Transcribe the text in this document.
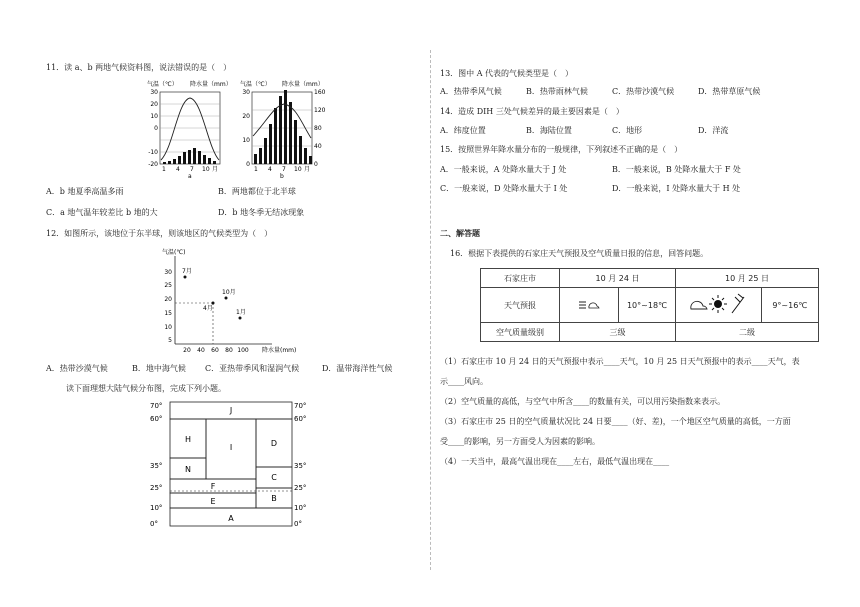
11．读 a、b 两地气候资料图，说法错误的是（　）
气温（℃） 降水量（mm）
30
20
10
0
-10
-20
1 4 7 10 月
a
气温（℃） 降水量（mm）
30
20
10
0
160
120
80
40
0
1 4 7 10 月
b
A．b 地夏季高温多雨	B．两地都位于北半球
C．a 地气温年较差比 b 地的大	D．b 地冬季无结冰现象
12．如图所示，该地位于东半球，则该地区的气候类型为（　）
气温(℃)
30
25
20
15
10
5
20 40 60 80 100 降水量(mm)
7月
10月
4月
1月
A．热带沙漠气候	B．地中海气候 C．亚热带季风和湿润气候	D．温带海洋性气候
读下面理想大陆气候分布图，完成下列小题。
70°
60°
35°
25°
10°
0°
70°
60°
35°
25°
10°
0°
J
H
I	D
N
C
F
B
E
A
13．图中 A 代表的气候类型是（　）
A．热带季风气候	B．热带雨林气候	C．热带沙漠气候	D．热带草原气候
14．造成 DIH 三处气候差异的最主要因素是（　）
A．纬度位置	B．海陆位置	C．地形	D．洋流
15．按照世界年降水量分布的一般规律，下列叙述不正确的是（　）
A．一般来说，A 处降水量大于 J 处	B．一般来说，B 处降水量大于 F 处
C．一般来说，D 处降水量大于 I 处	D．一般来说，I 处降水量大于 H 处
二、解答题
16．根据下表提供的石家庄天气预报及空气质量日报的信息，回答问题。
石家庄市	10 月 24 日		10 月 25 日	
天气预报		10°~18℃		9°~16℃
空气质量级别	三级		二级	
（1）石家庄市 10 月 24 日的天气预报中表示____天气，10 月 25 日天气预报中的表示____天气，表
示____风向。
（2）空气质量的高低，与空气中所含____的数量有关，可以用污染指数来表示。
（3）石家庄市 25 日的空气质量状况比 24 日要____（好、差)，一个地区空气质量的高低，一方面
受____的影响，另一方面受人为因素的影响。
（4）一天当中，最高气温出现在____左右，最低气温出现在____
